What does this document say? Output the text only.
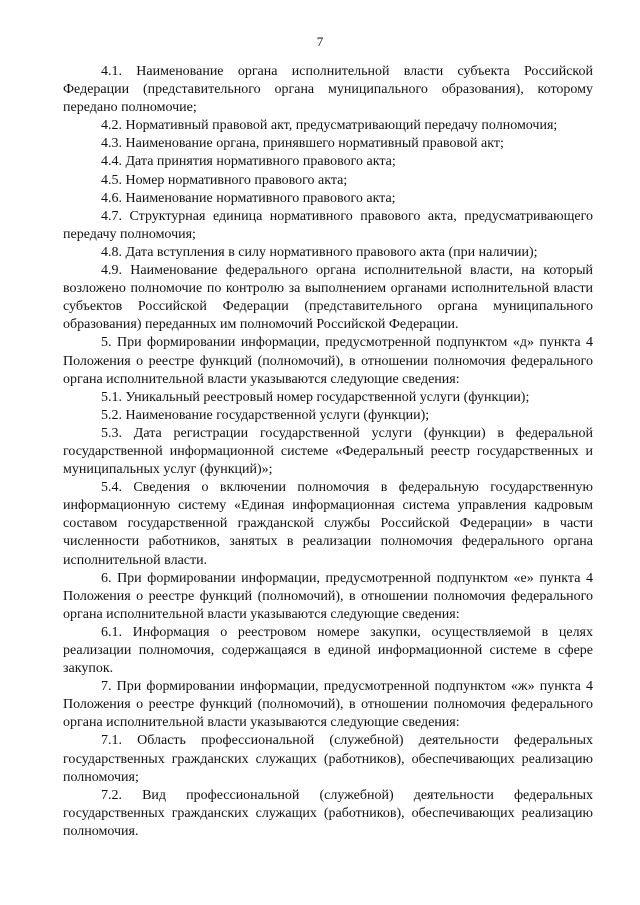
7

4.1. Наименование органа исполнительной власти субъекта Российской Федерации (представительного органа муниципального образования), которому передано полномочие;

4.2. Нормативный правовой акт, предусматривающий передачу полномочия;

4.3. Наименование органа, принявшего нормативный правовой акт;

4.4. Дата принятия нормативного правового акта;

4.5. Номер нормативного правового акта;

4.6. Наименование нормативного правового акта;

4.7. Структурная единица нормативного правового акта, предусматривающего передачу полномочия;

4.8. Дата вступления в силу нормативного правового акта (при наличии);

4.9. Наименование федерального органа исполнительной власти, на который возложено полномочие по контролю за выполнением органами исполнительной власти субъектов Российской Федерации (представительного органа муниципального образования) переданных им полномочий Российской Федерации.

5. При формировании информации, предусмотренной подпунктом «д» пункта 4 Положения о реестре функций (полномочий), в отношении полномочия федерального органа исполнительной власти указываются следующие сведения:

5.1. Уникальный реестровый номер государственной услуги (функции);

5.2. Наименование государственной услуги (функции);

5.3. Дата регистрации государственной услуги (функции) в федеральной государственной информационной системе «Федеральный реестр государственных и муниципальных услуг (функций)»;

5.4. Сведения о включении полномочия в федеральную государственную информационную систему «Единая информационная система управления кадровым составом государственной гражданской службы Российской Федерации» в части численности работников, занятых в реализации полномочия федерального органа исполнительной власти.

6. При формировании информации, предусмотренной подпунктом «е» пункта 4 Положения о реестре функций (полномочий), в отношении полномочия федерального органа исполнительной власти указываются следующие сведения:

6.1. Информация о реестровом номере закупки, осуществляемой в целях реализации полномочия, содержащаяся в единой информационной системе в сфере закупок.

7. При формировании информации, предусмотренной подпунктом «ж» пункта 4 Положения о реестре функций (полномочий), в отношении полномочия федерального органа исполнительной власти указываются следующие сведения:

7.1. Область профессиональной (служебной) деятельности федеральных государственных гражданских служащих (работников), обеспечивающих реализацию полномочия;

7.2. Вид профессиональной (служебной) деятельности федеральных государственных гражданских служащих (работников), обеспечивающих реализацию полномочия.
